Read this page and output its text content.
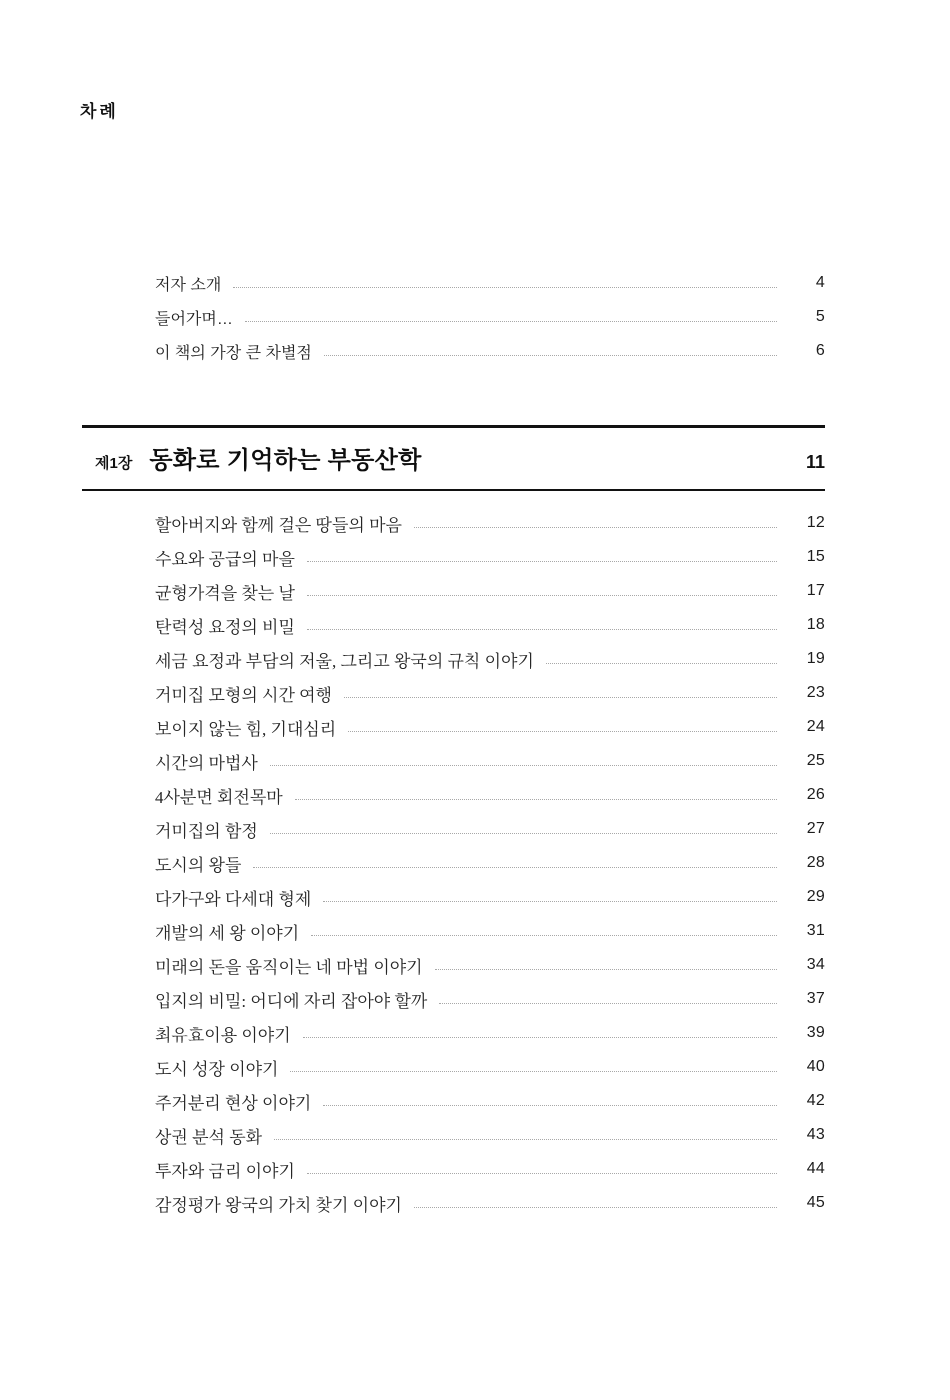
차례
저자 소개	4
들어가며…	5
이 책의 가장 큰 차별점	6
제1장 동화로 기억하는 부동산학	11
할아버지와 함께 걸은 땅들의 마음	12
수요와 공급의 마을	15
균형가격을 찾는 날	17
탄력성 요정의 비밀	18
세금 요정과 부담의 저울, 그리고 왕국의 규칙 이야기	19
거미집 모형의 시간 여행	23
보이지 않는 힘, 기대심리	24
시간의 마법사	25
4사분면 회전목마	26
거미집의 함정	27
도시의 왕들	28
다가구와 다세대 형제	29
개발의 세 왕 이야기	31
미래의 돈을 움직이는 네 마법 이야기	34
입지의 비밀: 어디에 자리 잡아야 할까	37
최유효이용 이야기	39
도시 성장 이야기	40
주거분리 현상 이야기	42
상권 분석 동화	43
투자와 금리 이야기	44
감정평가 왕국의 가치 찾기 이야기	45
